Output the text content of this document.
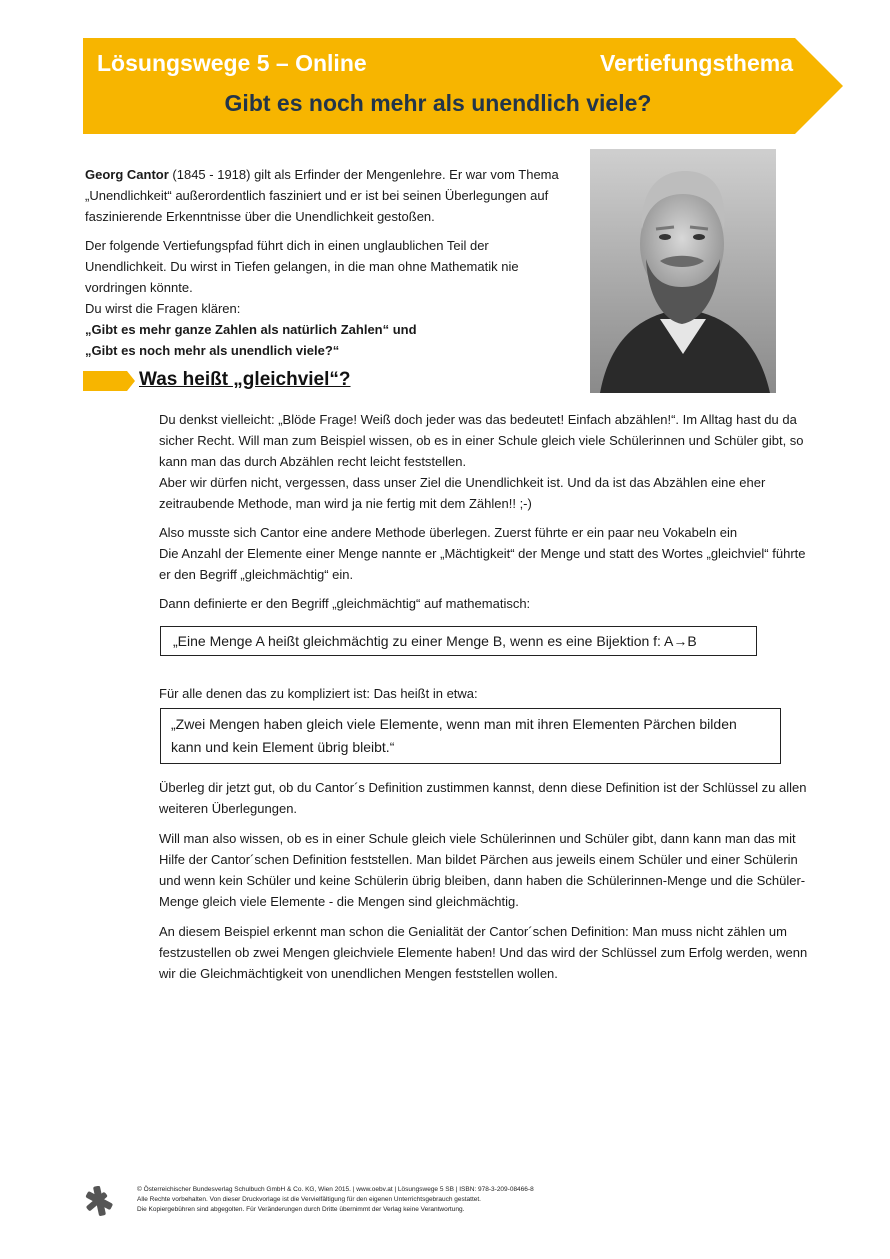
Lösungswege 5 – Online	Vertiefungsthema
Gibt es noch mehr als unendlich viele?

Georg Cantor (1845 - 1918) gilt als Erfinder der Mengenlehre. Er war vom Thema „Unendlichkeit“ außerordentlich fasziniert und er ist bei seinen Überlegungen auf faszinierende Erkenntnisse über die Unendlichkeit gestoßen.

Der folgende Vertiefungspfad führt dich in einen unglaublichen Teil der Unendlichkeit. Du wirst in Tiefen gelangen, in die man ohne Mathematik nie vordringen könnte.
Du wirst die Fragen klären:
„Gibt es mehr ganze Zahlen als natürlich Zahlen“ und
„Gibt es noch mehr als unendlich viele?“

Was heißt „gleichviel“?

Du denkst vielleicht: „Blöde Frage! Weiß doch jeder was das bedeutet! Einfach abzählen!“. Im Alltag hast du da sicher Recht. Will man zum Beispiel wissen, ob es in einer Schule gleich viele Schülerinnen und Schüler gibt, so kann man das durch Abzählen recht leicht feststellen.

Aber wir dürfen nicht, vergessen, dass unser Ziel die Unendlichkeit ist. Und da ist das Abzählen eine eher zeitraubende Methode, man wird ja nie fertig mit dem Zählen!! ;-)

Also musste sich Cantor eine andere Methode überlegen. Zuerst führte er ein paar neu Vokabeln ein

Die Anzahl der Elemente einer Menge nannte er „Mächtigkeit“ der Menge und statt des Wortes „gleichviel“ führte er den Begriff „gleichmächtig“ ein.

Dann definierte er den Begriff „gleichmächtig“ auf mathematisch:

„Eine Menge A heißt gleichmächtig zu einer Menge B, wenn es eine Bijektion f: A→B
Für alle denen das zu kompliziert ist: Das heißt in etwa:
„Zwei Mengen haben gleich viele Elemente, wenn man mit ihren Elementen Pärchen bilden kann und kein Element übrig bleibt.“

Überleg dir jetzt gut, ob du Cantor´s Definition zustimmen kannst, denn diese Definition ist der Schlüssel zu allen weiteren Überlegungen.

Will man also wissen, ob es in einer Schule gleich viele Schülerinnen und Schüler gibt, dann kann man das mit Hilfe der Cantor´schen Definition feststellen. Man bildet Pärchen aus jeweils einem Schüler und einer Schülerin und wenn kein Schüler und keine Schülerin übrig bleiben, dann haben die Schülerinnen-Menge und die Schüler-Menge gleich viele Elemente - die Mengen sind gleichmächtig.

An diesem Beispiel erkennt man schon die Genialität der Cantor´schen Definition: Man muss nicht zählen um festzustellen ob zwei Mengen gleichviele Elemente haben! Und das wird der Schlüssel zum Erfolg werden, wenn wir die Gleichmächtigkeit von unendlichen Mengen feststellen wollen.

© Österreichischer Bundesverlag Schulbuch GmbH & Co. KG, Wien 2015. | www.oebv.at | Lösungswege 5 SB | ISBN: 978-3-209-08466-8
Alle Rechte vorbehalten. Von dieser Druckvorlage ist die Vervielfältigung für den eigenen Unterrichtsgebrauch gestattet.
Die Kopiergebühren sind abgegolten. Für Veränderungen durch Dritte übernimmt der Verlag keine Verantwortung.
